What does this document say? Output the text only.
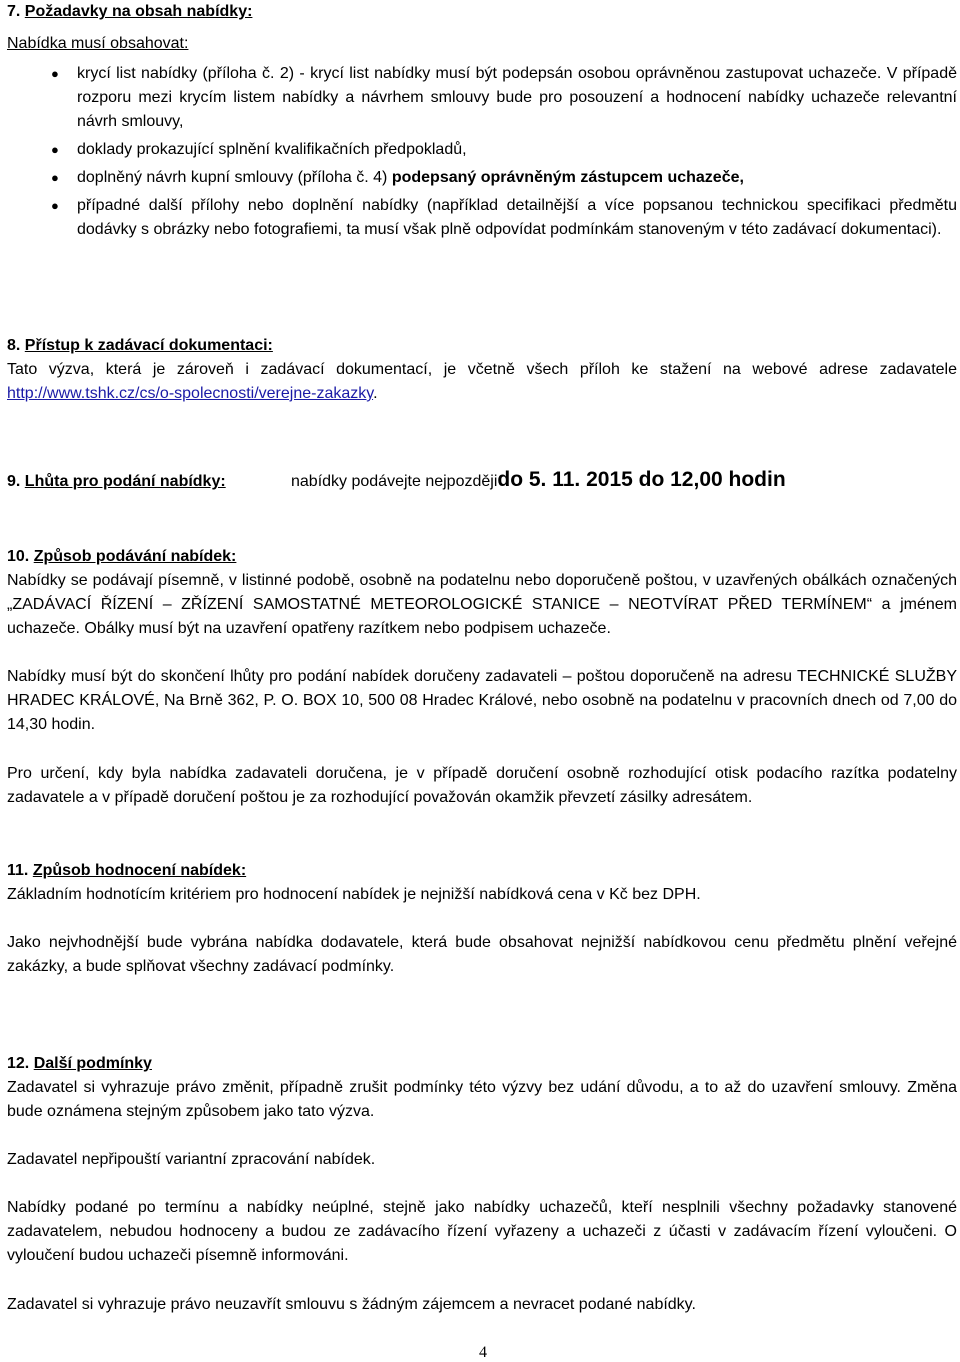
7. Požadavky na obsah nabídky:

Nabídka musí obsahovat:

● krycí list nabídky (příloha č. 2) - krycí list nabídky musí být podepsán osobou oprávněnou zastupovat uchazeče. V případě rozporu mezi krycím listem nabídky a návrhem smlouvy bude pro posouzení a hodnocení nabídky uchazeče relevantní návrh smlouvy,
● doklady prokazující splnění kvalifikačních předpokladů,
● doplněný návrh kupní smlouvy (příloha č. 4) podepsaný oprávněným zástupcem uchazeče,
● případné další přílohy nebo doplnění nabídky (například detailnější a více popsanou technickou specifikaci předmětu dodávky s obrázky nebo fotografiemi, ta musí však plně odpovídat podmínkám stanoveným v této zadávací dokumentaci).

8. Přístup k zadávací dokumentaci:

Tato výzva, která je zároveň i zadávací dokumentací, je včetně všech příloh ke stažení na webové adrese zadavatele http://www.tshk.cz/cs/o-spolecnosti/verejne-zakazky.

9. Lhůta pro podání nabídky:	nabídky podávejte nejpozději do 5. 11. 2015 do 12,00 hodin

10. Způsob podávání nabídek:

Nabídky se podávají písemně, v listinné podobě, osobně na podatelnu nebo doporučeně poštou, v uzavřených obálkách označených „ZADÁVACÍ ŘÍZENÍ – ZŘÍZENÍ SAMOSTATNÉ METEOROLOGICKÉ STANICE – NEOTVÍRAT PŘED TERMÍNEM“ a jménem uchazeče. Obálky musí být na uzavření opatřeny razítkem nebo podpisem uchazeče.

Nabídky musí být do skončení lhůty pro podání nabídek doručeny zadavateli – poštou doporučeně na adresu TECHNICKÉ SLUŽBY HRADEC KRÁLOVÉ, Na Brně 362, P. O. BOX 10, 500 08 Hradec Králové, nebo osobně na podatelnu v pracovních dnech od 7,00 do 14,30 hodin.

Pro určení, kdy byla nabídka zadavateli doručena, je v případě doručení osobně rozhodující otisk podacího razítka podatelny zadavatele a v případě doručení poštou je za rozhodující považován okamžik převzetí zásilky adresátem.

11. Způsob hodnocení nabídek:

Základním hodnotícím kritériem pro hodnocení nabídek je nejnižší nabídková cena v Kč bez DPH.

Jako nejvhodnější bude vybrána nabídka dodavatele, která bude obsahovat nejnižší nabídkovou cenu předmětu plnění veřejné zakázky, a bude splňovat všechny zadávací podmínky.

12. Další podmínky

Zadavatel si vyhrazuje právo změnit, případně zrušit podmínky této výzvy bez udání důvodu, a to až do uzavření smlouvy. Změna bude oznámena stejným způsobem jako tato výzva.

Zadavatel nepřipouští variantní zpracování nabídek.

Nabídky podané po termínu a nabídky neúplné, stejně jako nabídky uchazečů, kteří nesplnili všechny požadavky stanovené zadavatelem, nebudou hodnoceny a budou ze zadávacího řízení vyřazeny a uchazeči z účasti v zadávacím řízení vyloučeni. O vyloučení budou uchazeči písemně informováni.

Zadavatel si vyhrazuje právo neuzavřít smlouvu s žádným zájemcem a nevracet podané nabídky.

4
